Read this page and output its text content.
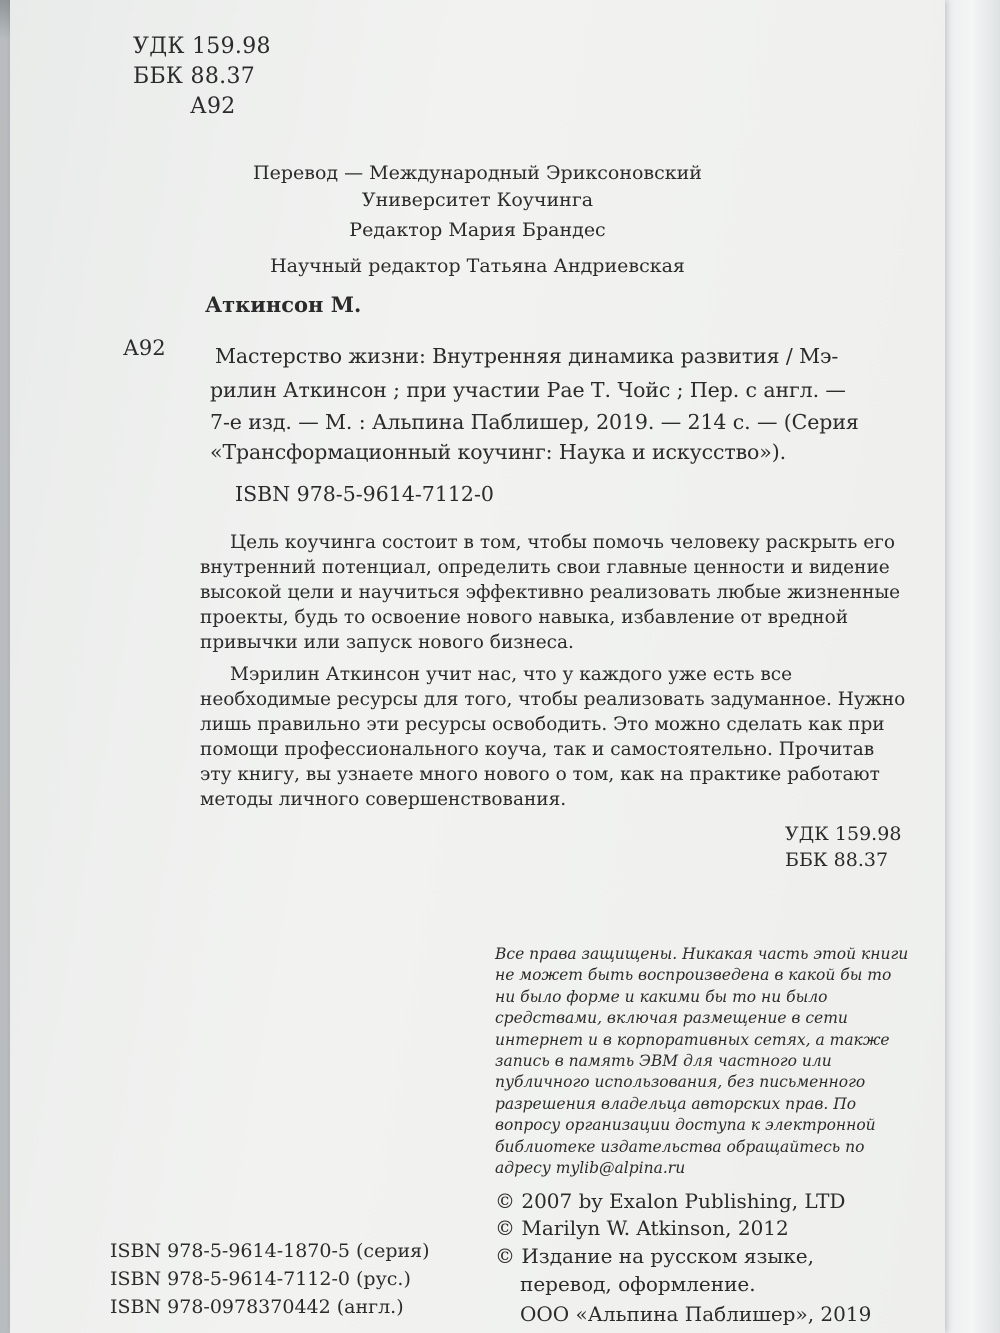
УДК 159.98

ББК 88.37

А92

Перевод — Международный Эриксоновский

Университет Коучинга

Редактор Мария Брандес

Научный редактор Татьяна Андриевская

Аткинсон М.

А92 Мастерство жизни: Внутренняя динамика развития / Мэ-

рилин Аткинсон ; при участии Рае Т. Чойс ; Пер. с англ. —

7-е изд. — М. : Альпина Паблишер, 2019. — 214 с. — (Серия

«Трансформационный коучинг: Наука и искусство»).

ISBN 978-5-9614-7112-0

Цель коучинга состоит в том, чтобы помочь человеку раскрыть его внутренний потенциал, определить свои главные ценности и видение высокой цели и научиться эффективно реализовать любые жизненные проекты, будь то освоение нового навыка, избавление от вредной привычки или запуск нового бизнеса.

Мэрилин Аткинсон учит нас, что у каждого уже есть все необходимые ресурсы для того, чтобы реализовать задуманное. Нужно лишь правильно эти ресурсы освободить. Это можно сделать как при помощи профессионального коуча, так и самостоятельно. Прочитав эту книгу, вы узнаете много нового о том, как на практике работают методы личного совершенствования.

УДК 159.98

ББК 88.37

Все права защищены. Никакая часть этой книги не может быть воспроизведена в какой бы то ни было форме и какими бы то ни было средствами, включая размещение в сети интернет и в корпоративных сетях, а также запись в память ЭВМ для частного или публичного использования, без письменного разрешения владельца авторских прав. По вопросу организации доступа к электронной библиотеке издательства обращайтесь по адресу mylib@alpina.ru

© 2007 by Exalon Publishing, LTD

© Marilyn W. Atkinson, 2012

© Издание на русском языке,

перевод, оформление.

ООО «Альпина Паблишер», 2019

ISBN 978-5-9614-1870-5 (серия)

ISBN 978-5-9614-7112-0 (рус.)

ISBN 978-0978370442 (англ.)
